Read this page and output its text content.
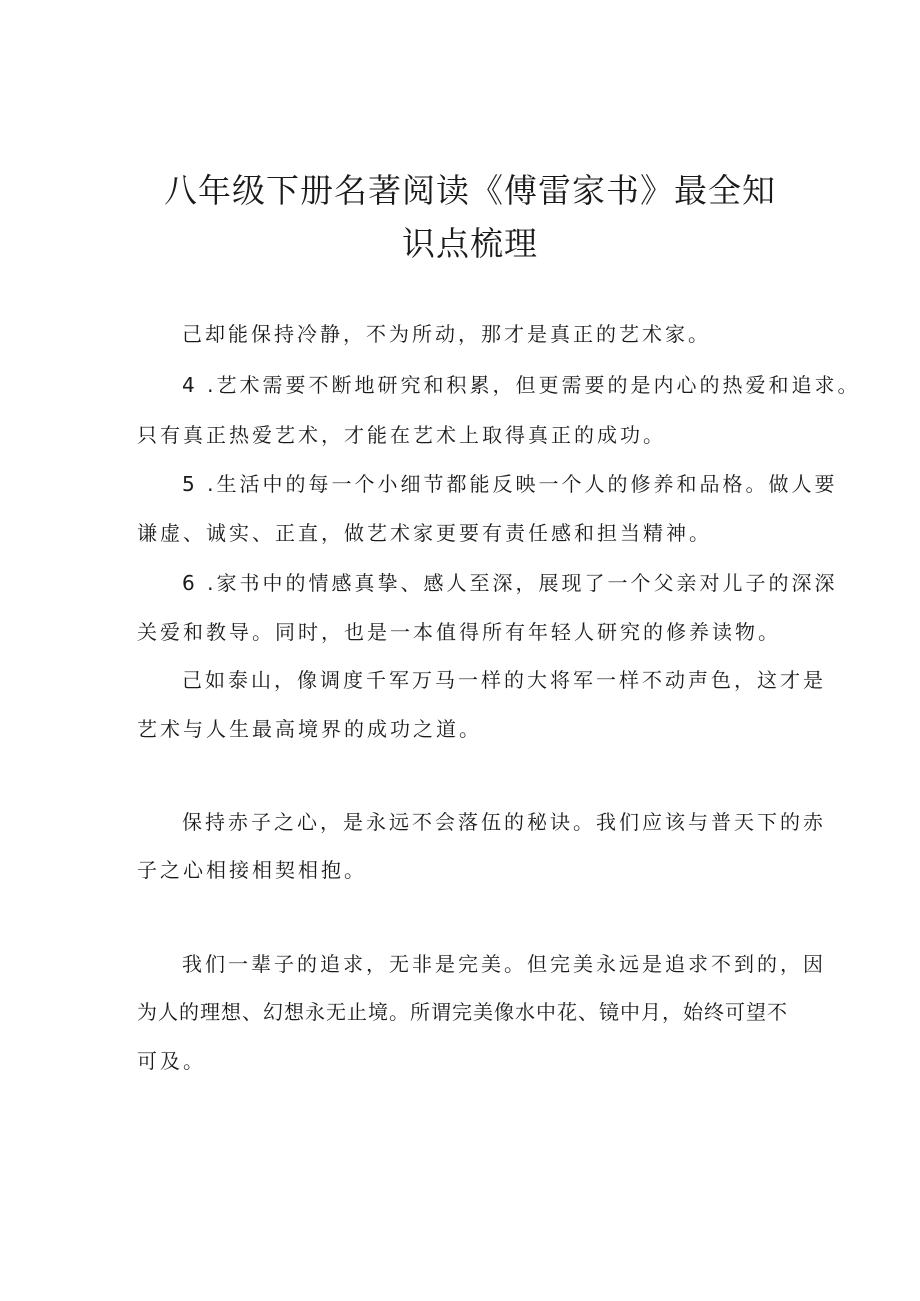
八年级下册名著阅读《傅雷家书》最全知
识点梳理

己却能保持冷静，不为所动，那才是真正的艺术家。

4 .艺术需要不断地研究和积累，但更需要的是内心的热爱和追求。

只有真正热爱艺术，才能在艺术上取得真正的成功。

5 .生活中的每一个小细节都能反映一个人的修养和品格。做人要

谦虚、诚实、正直，做艺术家更要有责任感和担当精神。

6 .家书中的情感真挚、感人至深，展现了一个父亲对儿子的深深

关爱和教导。同时，也是一本值得所有年轻人研究的修养读物。

己如泰山，像调度千军万马一样的大将军一样不动声色，这才是

艺术与人生最高境界的成功之道。

保持赤子之心，是永远不会落伍的秘诀。我们应该与普天下的赤

子之心相接相契相抱。

我们一辈子的追求，无非是完美。但完美永远是追求不到的，因

为人的理想、幻想永无止境。所谓完美像水中花、镜中月，始终可望不

可及。
